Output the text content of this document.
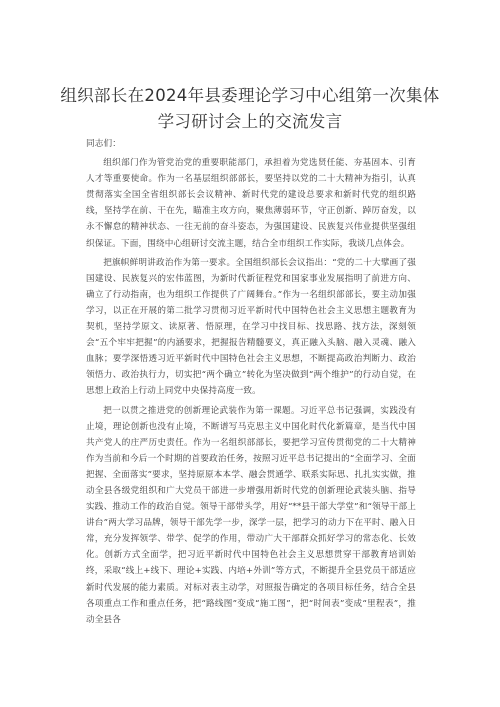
组织部长在2024年县委理论学习中心组第一次集体
学习研讨会上的交流发言

同志们：

组织部门作为管党治党的重要职能部门，承担着为党选贤任能、夯基固本、引育人才等重要使命。作为一名基层组织部部长，要坚持以党的二十大精神为指引，认真贯彻落实全国全省组织部长会议精神、新时代党的建设总要求和新时代党的组织路线，坚持学在前、干在先，瞄准主攻方向，聚焦薄弱环节，守正创新、踔厉奋发，以永不懈怠的精神状态、一往无前的奋斗姿态，为强国建设、民族复兴伟业提供坚强组织保证。下面，围绕中心组研讨交流主题，结合全市组织工作实际，我谈几点体会。

把旗帜鲜明讲政治作为第一要求。全国组织部长会议指出：“党的二十大擘画了强国建设、民族复兴的宏伟蓝图，为新时代新征程党和国家事业发展指明了前进方向、确立了行动指南，也为组织工作提供了广阔舞台。”作为一名组织部部长，要主动加强学习，以正在开展的第二批学习贯彻习近平新时代中国特色社会主义思想主题教育为契机，坚持学原文、读原著、悟原理，在学习中找目标、找思路、找方法，深刻领会“五个牢牢把握”的内涵要求，把握报告精髓要义，真正融入头脑、融入灵魂、融入血脉；要学深悟透习近平新时代中国特色社会主义思想，不断提高政治判断力、政治领悟力、政治执行力，切实把“两个确立”转化为坚决做到“两个维护”的行动自觉，在思想上政治上行动上同党中央保持高度一致。

把一以贯之推进党的创新理论武装作为第一课题。习近平总书记强调，实践没有止境，理论创新也没有止境，不断谱写马克思主义中国化时代化新篇章，是当代中国共产党人的庄严历史责任。作为一名组织部部长，要把学习宣传贯彻党的二十大精神作为当前和今后一个时期的首要政治任务，按照习近平总书记提出的“全面学习、全面把握、全面落实”要求，坚持原原本本学、融会贯通学、联系实际思、扎扎实实做，推动全县各级党组织和广大党员干部进一步增强用新时代党的创新理论武装头脑、指导实践、推动工作的政治自觉。领导干部带头学，用好“**县干部大学堂”和“领导干部上讲台”两大学习品牌，领导干部先学一步，深学一层，把学习的动力下在平时、融入日常，充分发挥领学、带学、促学的作用，带动广大干部群众抓好学习的常态化、长效化。创新方式全面学，把习近平新时代中国特色社会主义思想贯穿干部教育培训始终，采取“线上+线下、理论+实践、内培+外训”等方式，不断提升全县党员干部适应新时代发展的能力素质。对标对表主动学，对照报告确定的各项目标任务，结合全县各项重点工作和重点任务，把“路线图”变成“施工图”，把“时间表”变成“里程表”，推动全县各
